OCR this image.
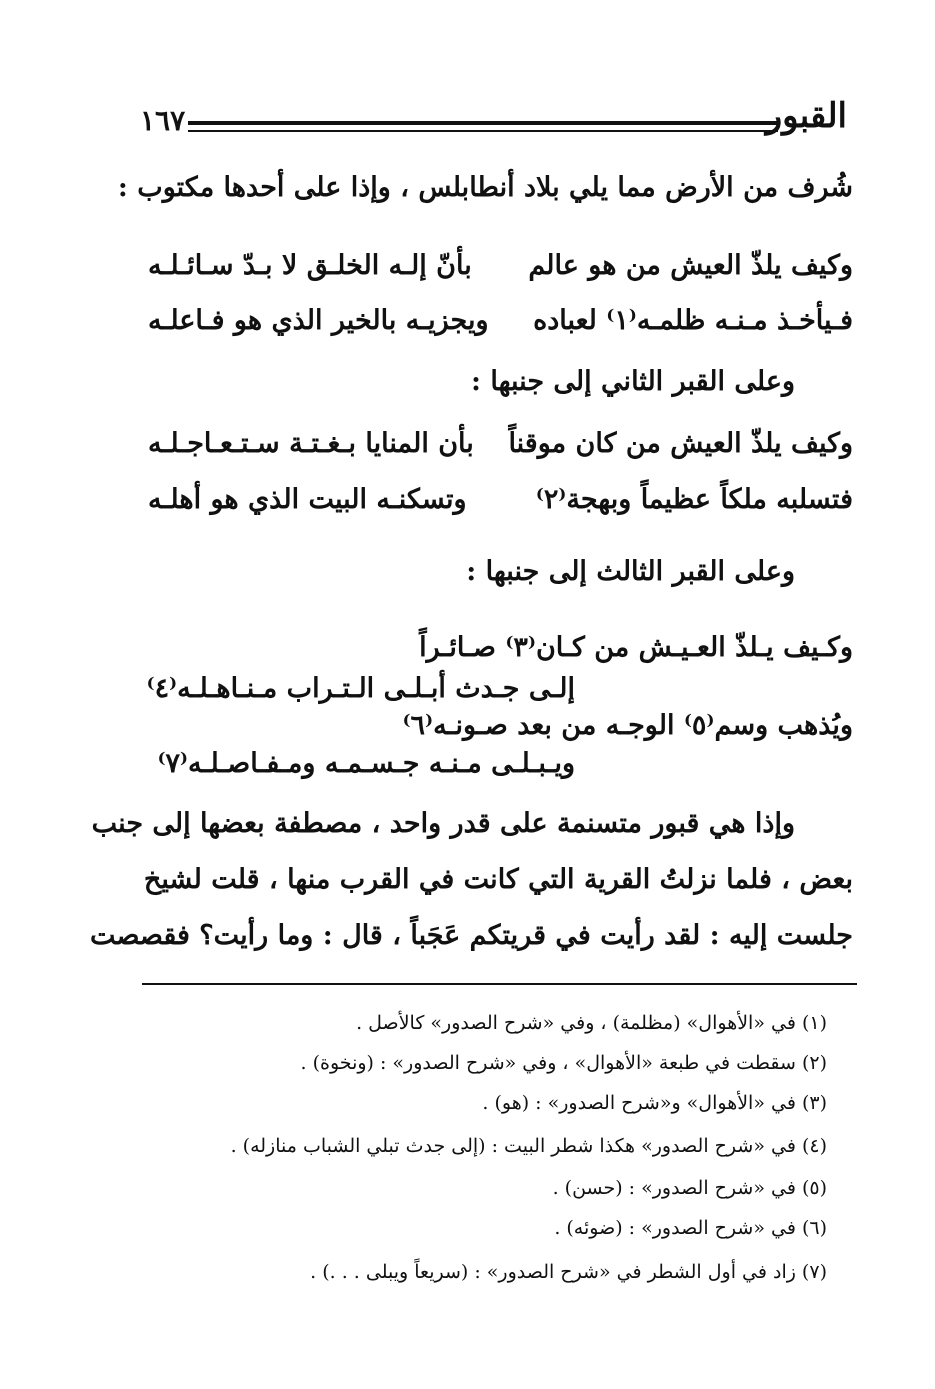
القبور
١٦٧
شُرف من الأرض مما يلي بلاد أنطابلس ، وإذا على أحدها مكتوب :
وكيف يلذّ العيش من هو عالم
بأنّ إلـه الخلـق لا بـدّ سـائـلـه
فـيأخـذ مـنـه ظلمـه⁽١⁾ لعباده
ويجزيـه بالخير الذي هو فـاعلـه
وعلى القبر الثاني إلى جنبها :
وكيف يلذّ العيش من كان موقناً
بأن المنايا بـغـتـة سـتـعـاجـلـه
فتسلبه ملكاً عظيماً وبهجة⁽٢⁾
وتسكنـه البيت الذي هو أهلـه
وعلى القبر الثالث إلى جنبها :
وكـيف يـلذّ العـيـش من كـان⁽٣⁾ صـائـراً
إلـى جـدث أبـلـى الـتـراب مـنـاهـلـه⁽٤⁾
ويُذهب وسم⁽٥⁾ الوجـه من بعد صـونـه⁽٦⁾
ويـبـلـى مـنـه جـسـمـه ومـفـاصـلـه⁽٧⁾
وإذا هي قبور متسنمة على قدر واحد ، مصطفة بعضها إلى جنب
بعض ، فلما نزلتُ القرية التي كانت في القرب منها ، قلت لشيخ
جلست إليه : لقد رأيت في قريتكم عَجَباً ، قال : وما رأيت؟ فقصصت
(١) في «الأهوال» (مظلمة) ، وفي «شرح الصدور» كالأصل .
(٢) سقطت في طبعة «الأهوال» ، وفي «شرح الصدور» : (ونخوة) .
(٣) في «الأهوال» و«شرح الصدور» : (هو) .
(٤) في «شرح الصدور» هكذا شطر البيت : (إلى جدث تبلي الشباب منازله) .
(٥) في «شرح الصدور» : (حسن) .
(٦) في «شرح الصدور» : (ضوئه) .
(٧) زاد في أول الشطر في «شرح الصدور» : (سريعاً ويبلى . . .) .
